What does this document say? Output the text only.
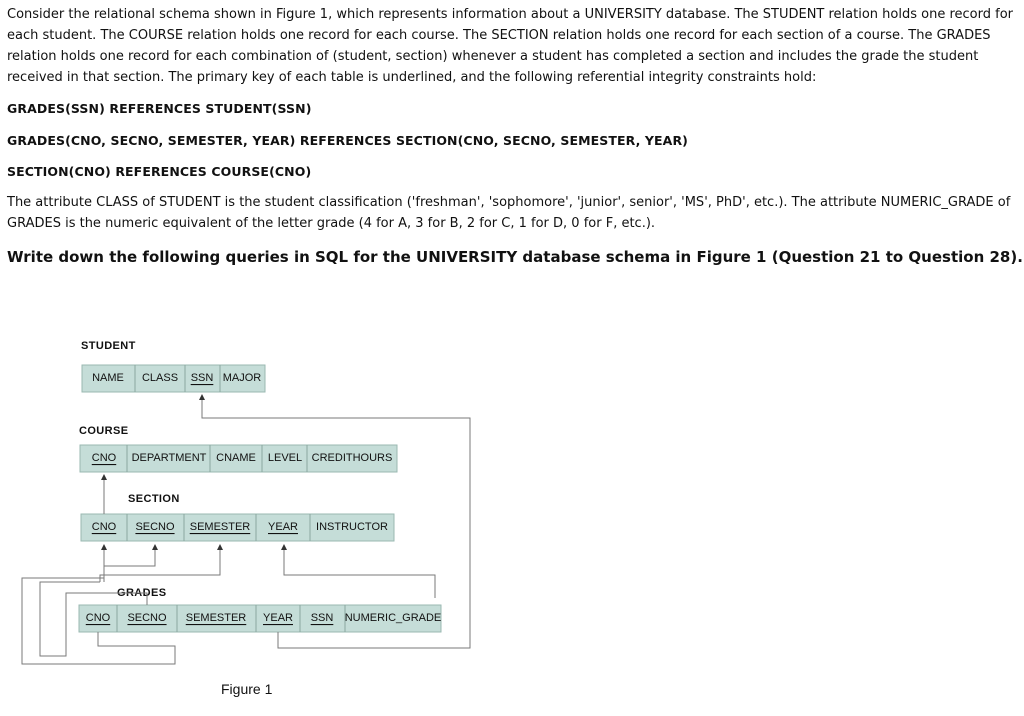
Consider the relational schema shown in Figure 1, which represents information about a UNIVERSITY database. The STUDENT relation holds one record for each student. The COURSE relation holds one record for each course. The SECTION relation holds one record for each section of a course. The GRADES relation holds one record for each combination of (student, section) whenever a student has completed a section and includes the grade the student received in that section. The primary key of each table is underlined, and the following referential integrity constraints hold:

GRADES(SSN) REFERENCES STUDENT(SSN)
GRADES(CNO, SECNO, SEMESTER, YEAR) REFERENCES SECTION(CNO, SECNO, SEMESTER, YEAR)
SECTION(CNO) REFERENCES COURSE(CNO)

The attribute CLASS of STUDENT is the student classification ('freshman', 'sophomore', 'junior', senior', 'MS', PhD', etc.). The attribute NUMERIC_GRADE of GRADES is the numeric equivalent of the letter grade (4 for A, 3 for B, 2 for C, 1 for D, 0 for F, etc.).

Write down the following queries in SQL for the UNIVERSITY database schema in Figure 1 (Question 21 to Question 28).
STUDENT
COURSE
SECTION
GRADES
NAME CLASS SSN MAJOR
CNO DEPARTMENT CNAME LEVEL CREDITHOURS
CNO SECNO SEMESTER YEAR INSTRUCTOR
CNO SECNO SEMESTER YEAR SSN NUMERIC_GRADE
Figure 1
